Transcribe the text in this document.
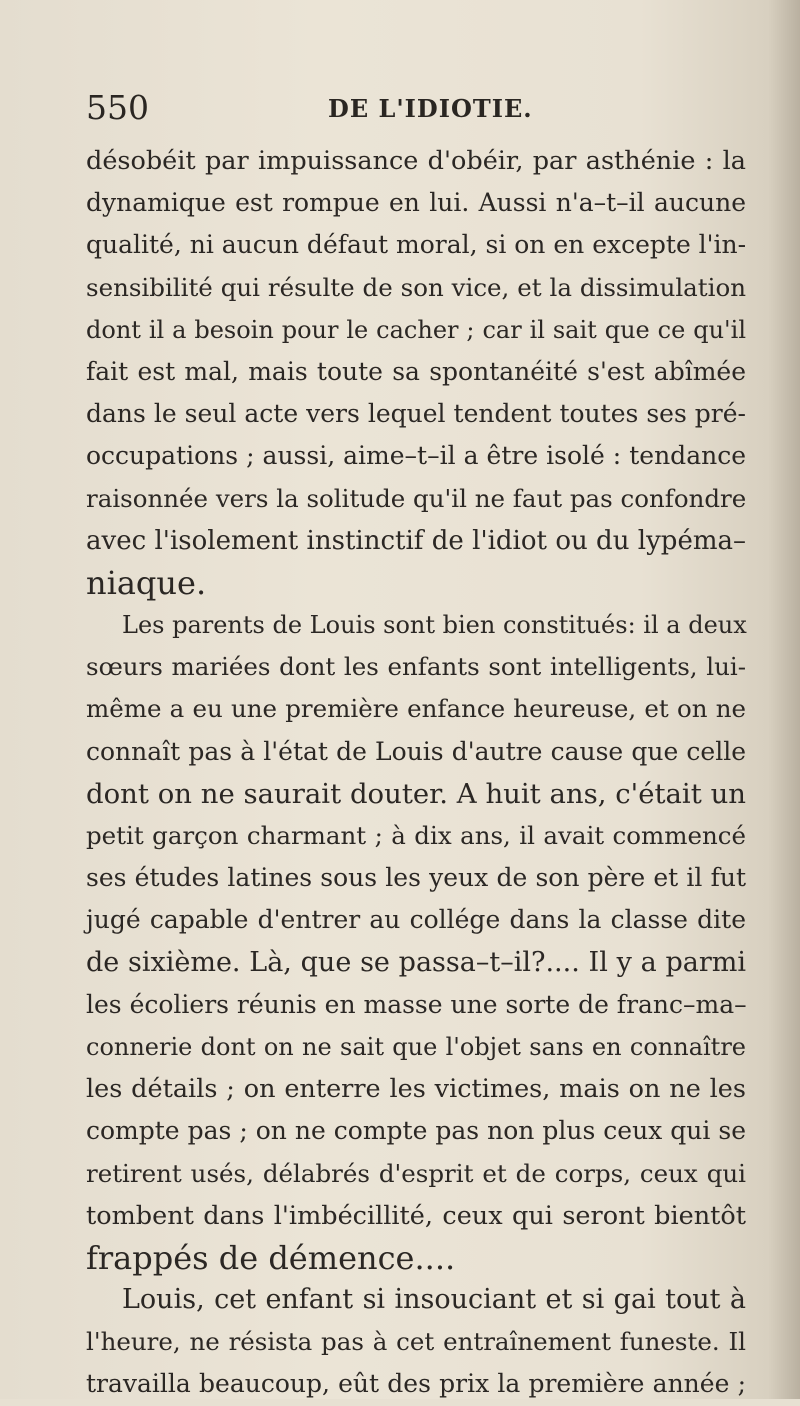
550	DE L'IDIOTIE.
désobéit par impuissance d'obéir, par asthénie : la
dynamique est rompue en lui. Aussi n'a–t–il aucune
qualité, ni aucun défaut moral, si on en excepte l'in-
sensibilité qui résulte de son vice, et la dissimulation
dont il a besoin pour le cacher ; car il sait que ce qu'il
fait est mal, mais toute sa spontanéité s'est abîmée
dans le seul acte vers lequel tendent toutes ses pré-
occupations ; aussi, aime–t–il a être isolé : tendance
raisonnée vers la solitude qu'il ne faut pas confondre
avec l'isolement instinctif de l'idiot ou du lypéma–
niaque.
Les parents de Louis sont bien constitués: il a deux
sœurs mariées dont les enfants sont intelligents, lui-
même a eu une première enfance heureuse, et on ne
connaît pas à l'état de Louis d'autre cause que celle
dont on ne saurait douter. A huit ans, c'était un
petit garçon charmant ; à dix ans, il avait commencé
ses études latines sous les yeux de son père et il fut
jugé capable d'entrer au collége dans la classe dite
de sixième. Là, que se passa–t–il?.... Il y a parmi
les écoliers réunis en masse une sorte de franc–ma–
connerie dont on ne sait que l'objet sans en connaître
les détails ; on enterre les victimes, mais on ne les
compte pas ; on ne compte pas non plus ceux qui se
retirent usés, délabrés d'esprit et de corps, ceux qui
tombent dans l'imbécillité, ceux qui seront bientôt
frappés de démence....
Louis, cet enfant si insouciant et si gai tout à
l'heure, ne résista pas à cet entraînement funeste. Il
travailla beaucoup, eût des prix la première année ;
